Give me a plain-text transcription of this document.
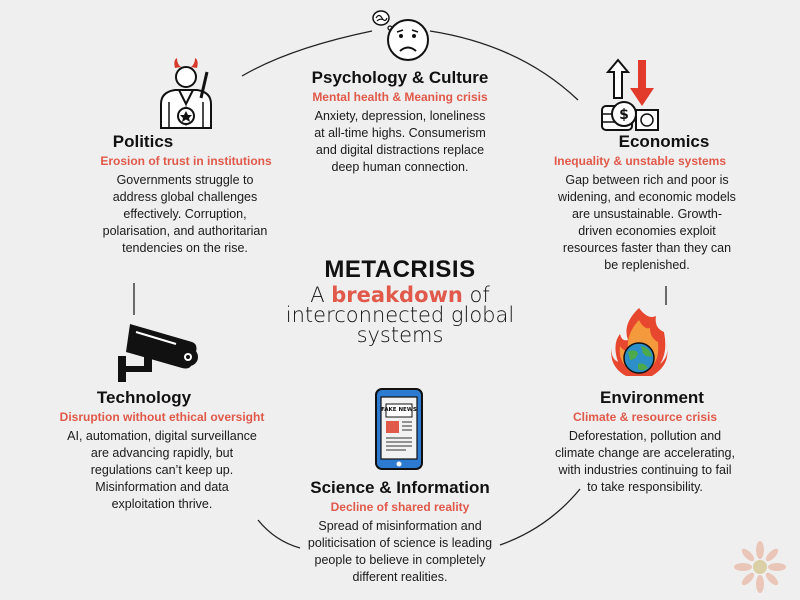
$
FAKE NEWS
Psychology & Culture
Mental health & Meaning crisis
Anxiety, depression, loneliness at all-time highs. Consumerism and digital distractions replace deep human connection.
Politics
Erosion of trust in institutions
Governments struggle to address global challenges effectively. Corruption, polarisation, and authoritarian tendencies on the rise.
Economics
Inequality & unstable systems
Gap between rich and poor is widening, and economic models are unsustainable. Growth-driven economies exploit resources faster than they can be replenished.
Technology
Disruption without ethical oversight
AI, automation, digital surveillance are advancing rapidly, but regulations can’t keep up. Misinformation and data exploitation thrive.
Environment
Climate & resource crisis
Deforestation, pollution and climate change are accelerating, with industries continuing to fail to take responsibility.
Science & Information
Decline of shared reality
Spread of misinformation and politicisation of science is leading people to believe in completely different realities.
METACRISIS
A breakdown of
interconnected global
systems
